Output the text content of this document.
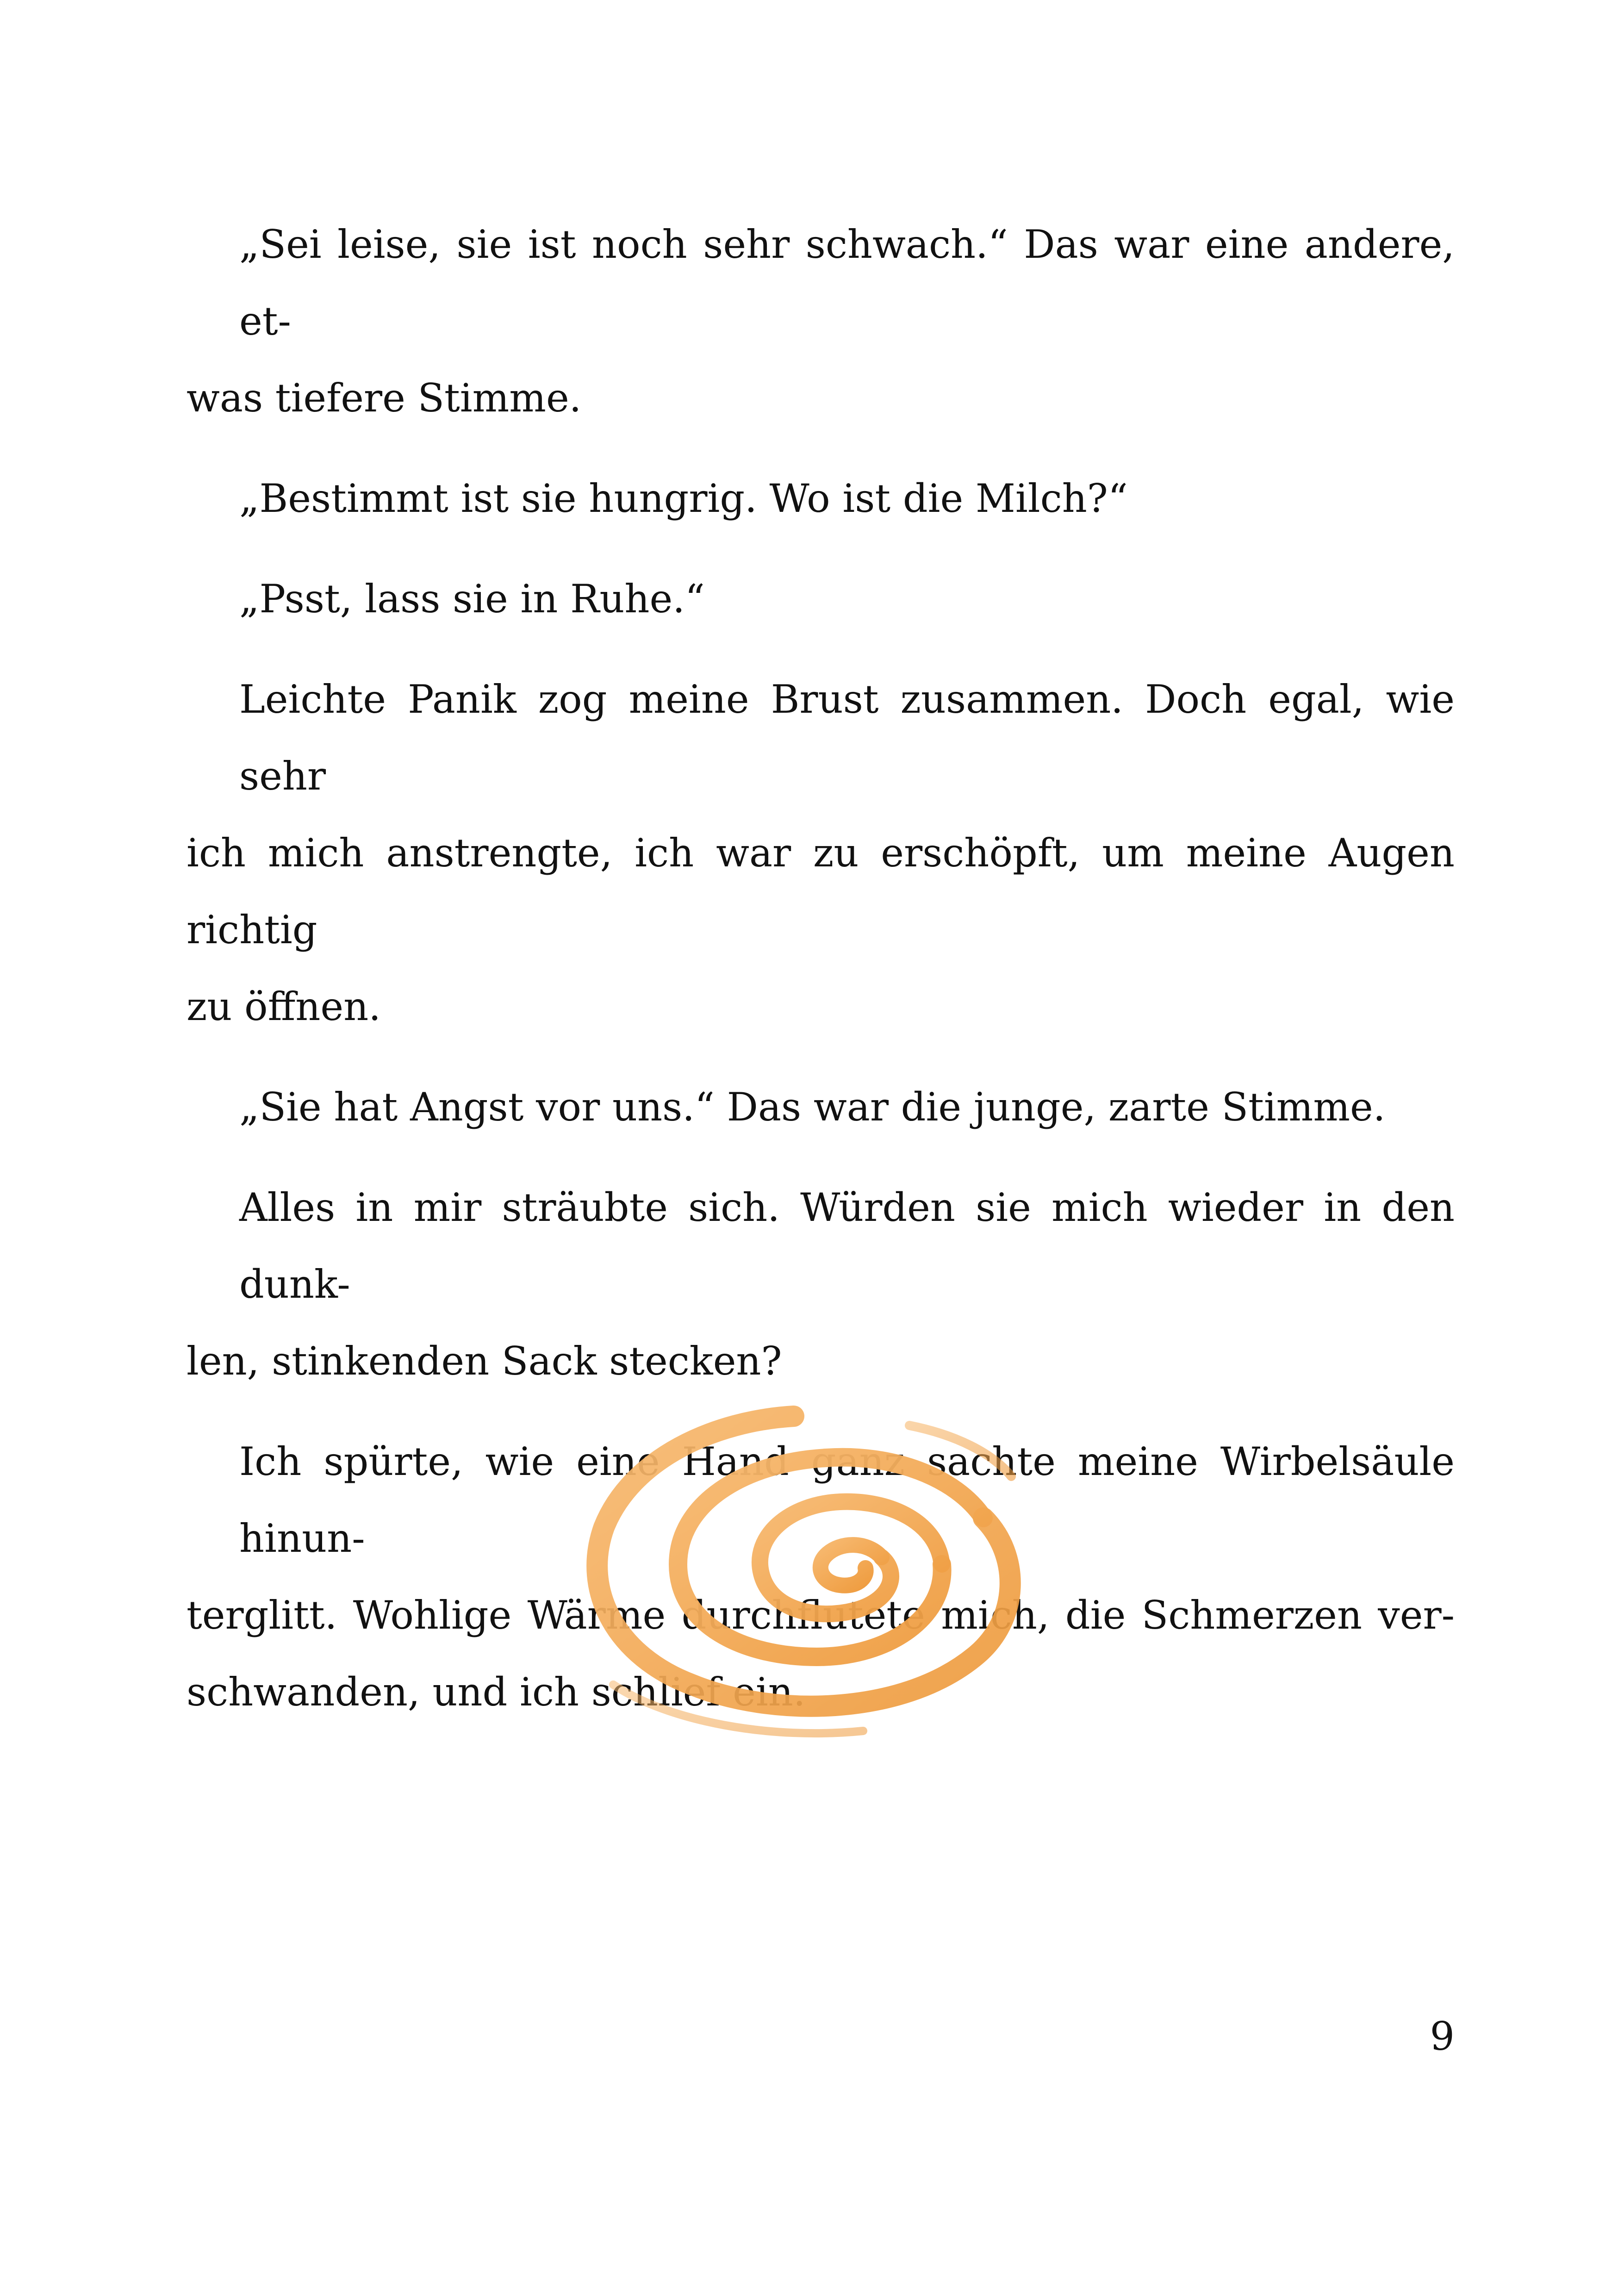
„Sei leise, sie ist noch sehr schwach.“ Das war eine andere, et-
was tiefere Stimme.

„Bestimmt ist sie hungrig. Wo ist die Milch?“

„Psst, lass sie in Ruhe.“

Leichte Panik zog meine Brust zusammen. Doch egal, wie sehr
ich mich anstrengte, ich war zu erschöpft, um meine Augen richtig
zu öffnen.

„Sie hat Angst vor uns.“ Das war die junge, zarte Stimme.

Alles in mir sträubte sich. Würden sie mich wieder in den dunk-
len, stinkenden Sack stecken?

Ich spürte, wie eine Hand ganz sachte meine Wirbelsäule hinun-
terglitt. Wohlige Wärme durchflutete mich, die Schmerzen ver-
schwanden, und ich schlief ein.

9
